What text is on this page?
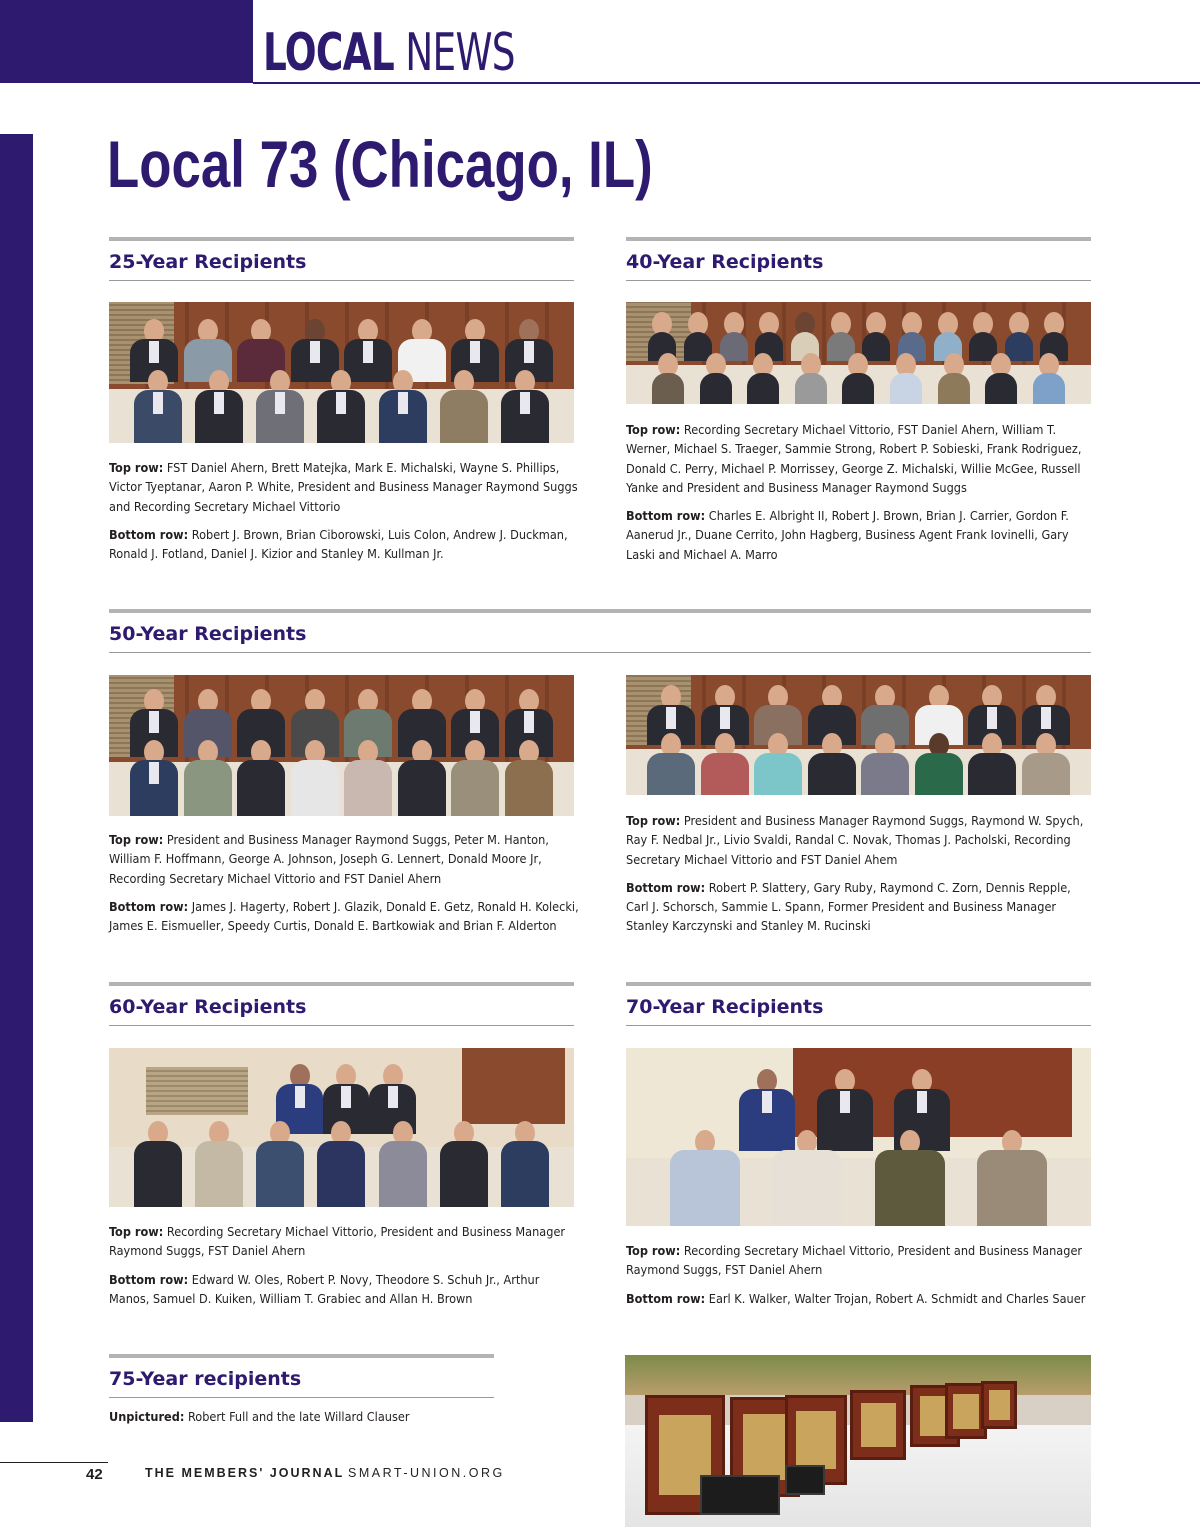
LOCAL NEWS
Local 73 (Chicago, IL)
25-Year Recipients

Top row: FST Daniel Ahern, Brett Matejka, Mark E. Michalski, Wayne S. Phillips, Victor Tyeptanar, Aaron P. White, President and Business Manager Raymond Suggs and Recording Secretary Michael Vittorio

Bottom row: Robert J. Brown, Brian Ciborowski, Luis Colon, Andrew J. Duckman, Ronald J. Fotland, Daniel J. Kizior and Stanley M. Kullman Jr.

40-Year Recipients

Top row: Recording Secretary Michael Vittorio, FST Daniel Ahern, William T. Werner, Michael S. Traeger, Sammie Strong, Robert P. Sobieski, Frank Rodriguez, Donald C. Perry, Michael P. Morrissey, George Z. Michalski, Willie McGee, Russell Yanke and President and Business Manager Raymond Suggs

Bottom row: Charles E. Albright II, Robert J. Brown, Brian J. Carrier, Gordon F. Aanerud Jr., Duane Cerrito, John Hagberg, Business Agent Frank Iovinelli, Gary Laski and Michael A. Marro

50-Year Recipients

Top row: President and Business Manager Raymond Suggs, Peter M. Hanton, William F. Hoffmann, George A. Johnson, Joseph G. Lennert, Donald Moore Jr, Recording Secretary Michael Vittorio and FST Daniel Ahern

Bottom row: James J. Hagerty, Robert J. Glazik, Donald E. Getz, Ronald H. Kolecki, James E. Eismueller, Speedy Curtis, Donald E. Bartkowiak and Brian F. Alderton

Top row: President and Business Manager Raymond Suggs, Raymond W. Spych, Ray F. Nedbal Jr., Livio Svaldi, Randal C. Novak, Thomas J. Pacholski, Recording Secretary Michael Vittorio and FST Daniel Ahem

Bottom row: Robert P. Slattery, Gary Ruby, Raymond C. Zorn, Dennis Repple, Carl J. Schorsch, Sammie L. Spann, Former President and Business Manager Stanley Karczynski and Stanley M. Rucinski

60-Year Recipients

Top row: Recording Secretary Michael Vittorio, President and Business Manager Raymond Suggs, FST Daniel Ahern

Bottom row: Edward W. Oles, Robert P. Novy, Theodore S. Schuh Jr., Arthur Manos, Samuel D. Kuiken, William T. Grabiec and Allan H. Brown

70-Year Recipients

Top row: Recording Secretary Michael Vittorio, President and Business Manager Raymond Suggs, FST Daniel Ahern

Bottom row: Earl K. Walker, Walter Trojan, Robert A. Schmidt and Charles Sauer

75-Year recipients

Unpictured: Robert Full and the late Willard Clauser

42	THE MEMBERS' JOURNAL SMART-UNION.ORG
